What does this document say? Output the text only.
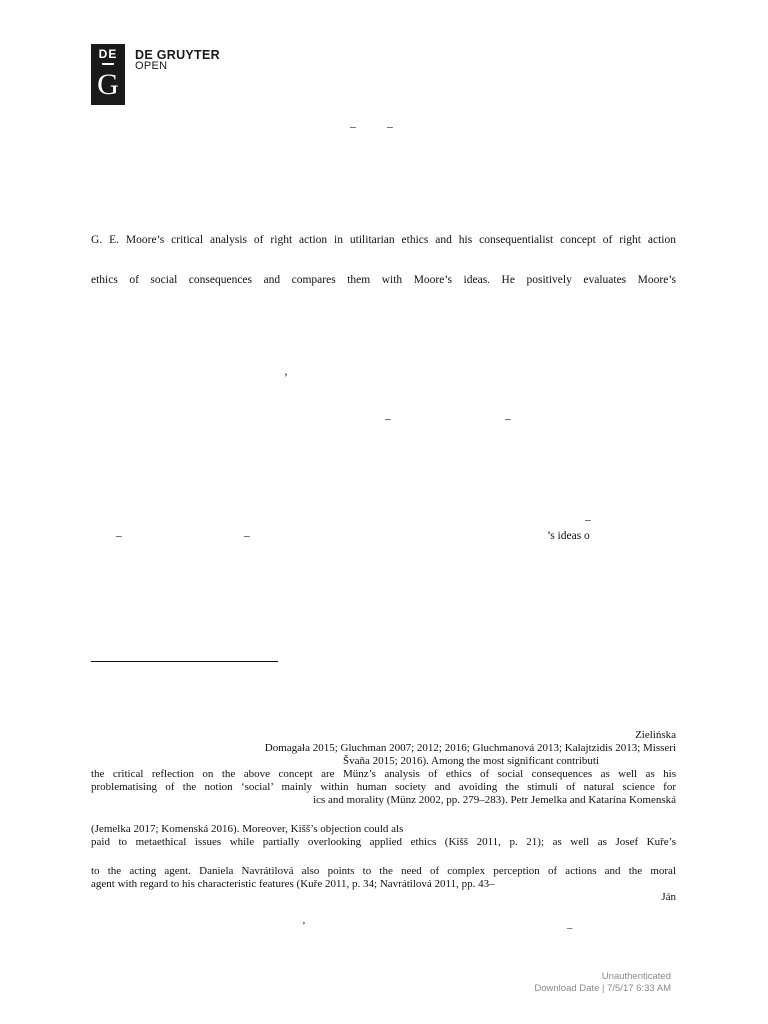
DE
G
DE GRUYTER
OPEN
–	–
G. E. Moore’s critical analysis of right action in utilitarian ethics and his consequentialist concept of right action
ethics of social consequences and compares them with Moore’s ideas. He positively evaluates Moore’s
’
–	–
–
–	–	’s ideas o
Zielińska
Domagała 2015; Gluchman 2007; 2012; 2016; Gluchmanová 2013; Kalajtzidis 2013; Misseri
Švaňa 2015; 2016). Among the most significant contributi
the critical reflection on the above concept are Münz’s analysis of ethics of social consequences as well as his
problematising of the notion ‘social’ mainly within human society and avoiding the stimuli of natural science for
ics and morality (Münz 2002, pp. 279–283). Petr Jemelka and Katarína Komenská
(Jemelka 2017; Komenská 2016). Moreover, Kišš’s objection could als
paid to metaethical issues while partially overlooking applied ethics (Kišš 2011, p. 21); as well as Josef Kuře’s
to the acting agent. Daniela Navrátilová also points to the need of complex perception of actions and the moral
agent with regard to his characteristic features (Kuře 2011, p. 34; Navrátilová 2011, pp. 43–
Ján
’	–
Unauthenticated
Download Date | 7/5/17 6:33 AM
